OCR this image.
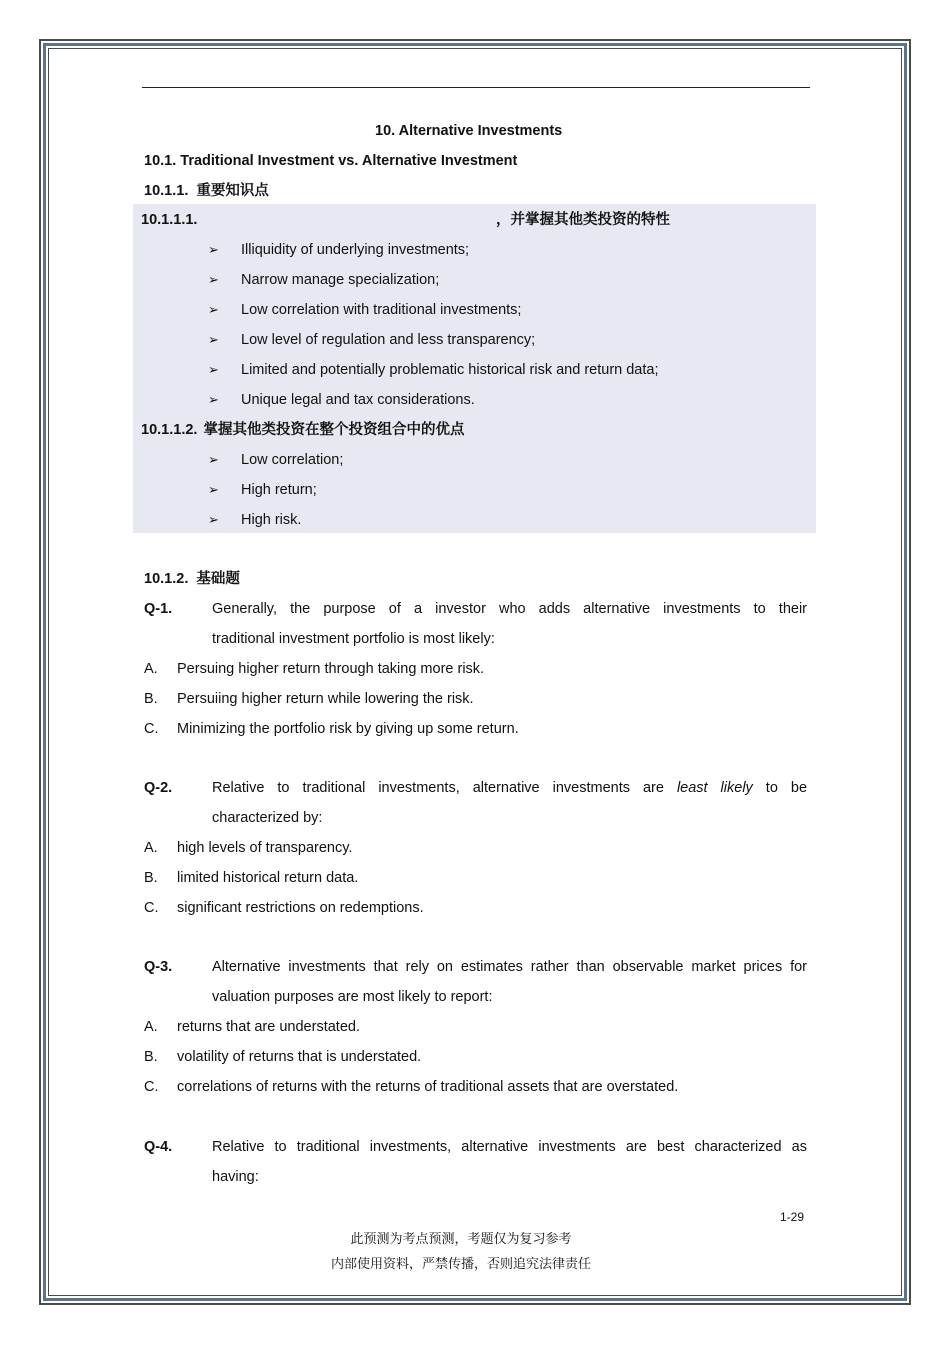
10. Alternative Investments
10.1. Traditional Investment vs. Alternative Investment
10.1.1. 重要知识点
10.1.1.1.	，并掌握其他类投资的特性
➢ Illiquidity of underlying investments;
➢ Narrow manage specialization;
➢ Low correlation with traditional investments;
➢ Low level of regulation and less transparency;
➢ Limited and potentially problematic historical risk and return data;
➢ Unique legal and tax considerations.
10.1.1.2. 掌握其他类投资在整个投资组合中的优点
➢ Low correlation;
➢ High return;
➢ High risk.
10.1.2. 基础题
Q-1.	Generally, the purpose of a investor who adds alternative investments to their
traditional investment portfolio is most likely:
A. Persuing higher return through taking more risk.
B. Persuiing higher return while lowering the risk.
C. Minimizing the portfolio risk by giving up some return.
Q-2.	Relative to traditional investments, alternative investments are least likely to be
characterized by:
A. high levels of transparency.
B. limited historical return data.
C. significant restrictions on redemptions.
Q-3.	Alternative investments that rely on estimates rather than observable market prices for
valuation purposes are most likely to report:
A. returns that are understated.
B. volatility of returns that is understated.
C. correlations of returns with the returns of traditional assets that are overstated.
Q-4.	Relative to traditional investments, alternative investments are best characterized as
having:
1-29
此预测为考点预测，考题仅为复习参考
内部使用资料，严禁传播，否则追究法律责任
